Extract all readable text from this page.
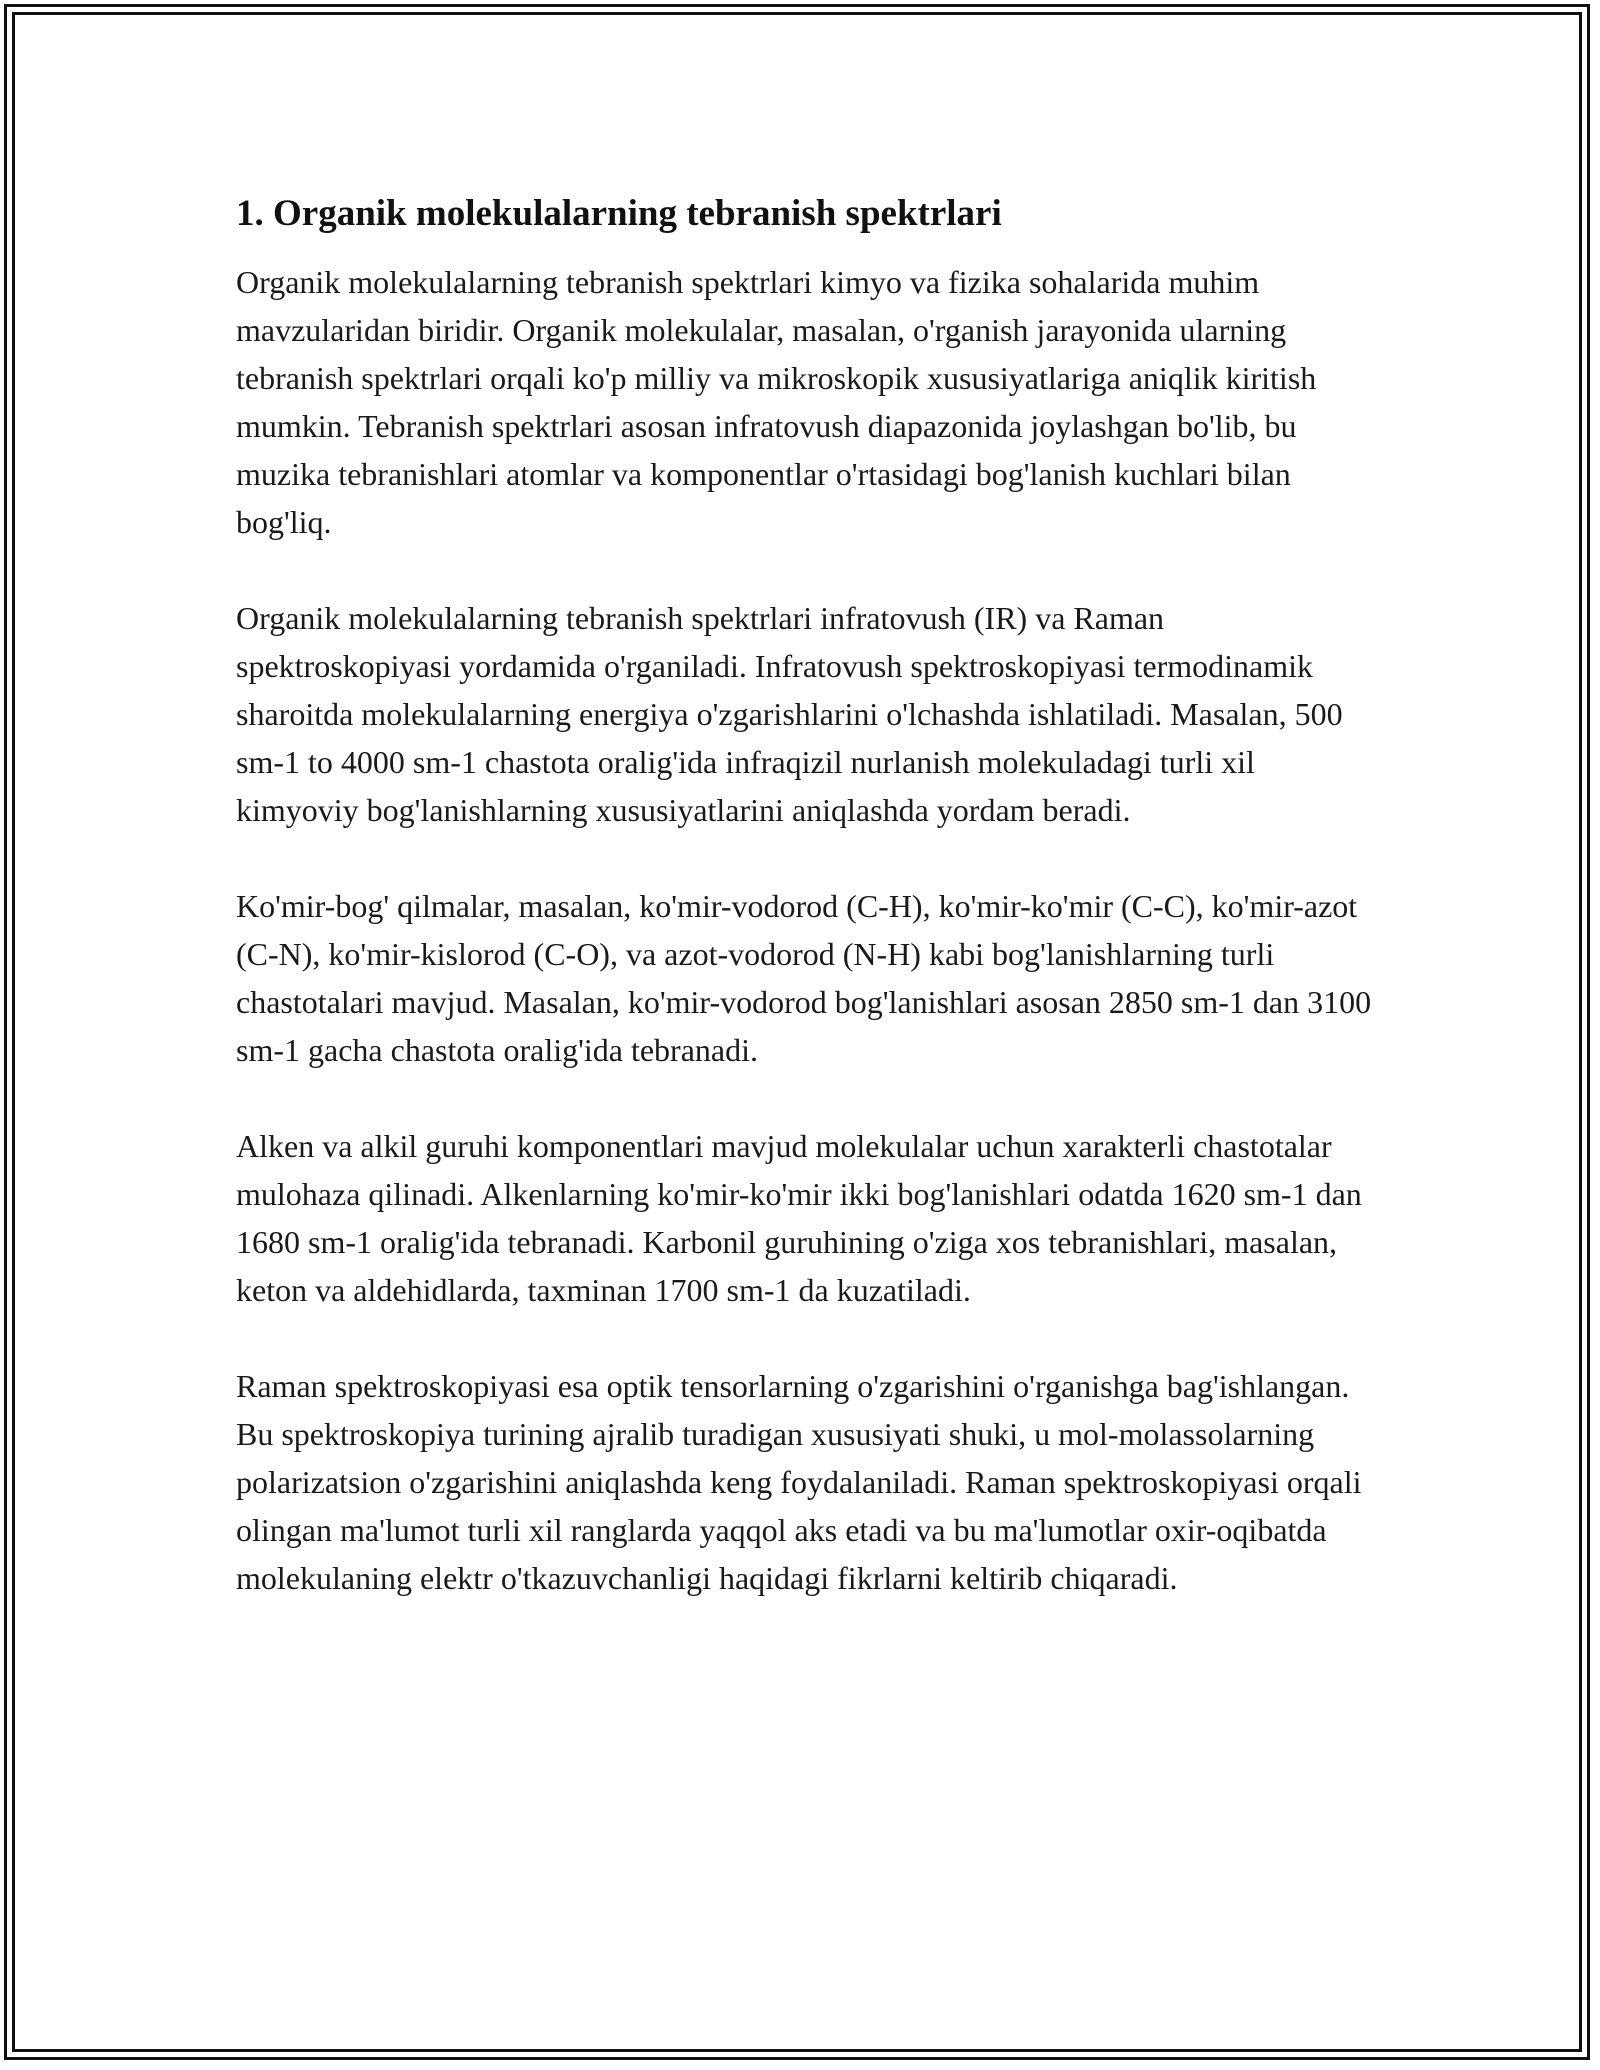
1. Organik molekulalarning tebranish spektrlari

Organik molekulalarning tebranish spektrlari kimyo va fizika sohalarida muhim mavzularidan biridir. Organik molekulalar, masalan, o'rganish jarayonida ularning tebranish spektrlari orqali ko'p milliy va mikroskopik xususiyatlariga aniqlik kiritish mumkin. Tebranish spektrlari asosan infratovush diapazonida joylashgan bo'lib, bu muzika tebranishlari atomlar va komponentlar o'rtasidagi bog'lanish kuchlari bilan bog'liq.

Organik molekulalarning tebranish spektrlari infratovush (IR) va Raman spektroskopiyasi yordamida o'rganiladi. Infratovush spektroskopiyasi termodinamik sharoitda molekulalarning energiya o'zgarishlarini o'lchashda ishlatiladi. Masalan, 500 sm-1 to 4000 sm-1 chastota oralig'ida infraqizil nurlanish molekuladagi turli xil kimyoviy bog'lanishlarning xususiyatlarini aniqlashda yordam beradi.

Ko'mir-bog' qilmalar, masalan, ko'mir-vodorod (C-H), ko'mir-ko'mir (C-C), ko'mir-azot (C-N), ko'mir-kislorod (C-O), va azot-vodorod (N-H) kabi bog'lanishlarning turli chastotalari mavjud. Masalan, ko'mir-vodorod bog'lanishlari asosan 2850 sm-1 dan 3100 sm-1 gacha chastota oralig'ida tebranadi.

Alken va alkil guruhi komponentlari mavjud molekulalar uchun xarakterli chastotalar mulohaza qilinadi. Alkenlarning ko'mir-ko'mir ikki bog'lanishlari odatda 1620 sm-1 dan 1680 sm-1 oralig'ida tebranadi. Karbonil guruhining o'ziga xos tebranishlari, masalan, keton va aldehidlarda, taxminan 1700 sm-1 da kuzatiladi.

Raman spektroskopiyasi esa optik tensorlarning o'zgarishini o'rganishga bag'ishlangan. Bu spektroskopiya turining ajralib turadigan xususiyati shuki, u mol-molassolarning polarizatsion o'zgarishini aniqlashda keng foydalaniladi. Raman spektroskopiyasi orqali olingan ma'lumot turli xil ranglarda yaqqol aks etadi va bu ma'lumotlar oxir-oqibatda molekulaning elektr o'tkazuvchanligi haqidagi fikrlarni keltirib chiqaradi.
